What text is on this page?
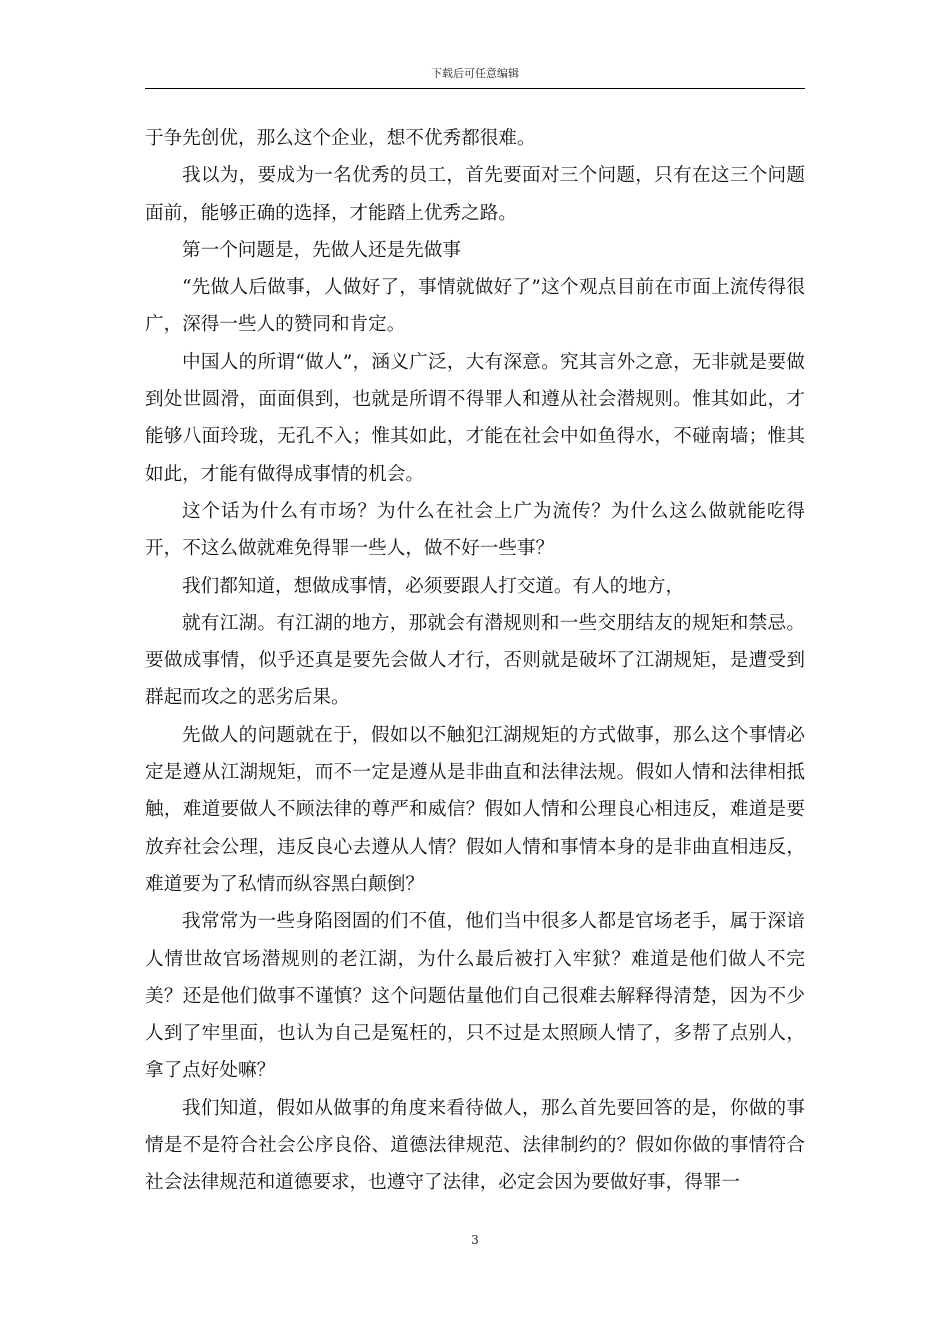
下载后可任意编辑

于争先创优，那么这个企业，想不优秀都很难。

我以为，要成为一名优秀的员工，首先要面对三个问题，只有在这三个问题面前，能够正确的选择，才能踏上优秀之路。

第一个问题是，先做人还是先做事

“先做人后做事，人做好了，事情就做好了”这个观点目前在市面上流传得很广，深得一些人的赞同和肯定。

中国人的所谓“做人”，涵义广泛，大有深意。究其言外之意，无非就是要做到处世圆滑，面面俱到，也就是所谓不得罪人和遵从社会潜规则。惟其如此，才能够八面玲珑，无孔不入；惟其如此，才能在社会中如鱼得水，不碰南墙；惟其如此，才能有做得成事情的机会。

这个话为什么有市场？为什么在社会上广为流传？为什么这么做就能吃得开，不这么做就难免得罪一些人，做不好一些事？

我们都知道，想做成事情，必须要跟人打交道。有人的地方，

就有江湖。有江湖的地方，那就会有潜规则和一些交朋结友的规矩和禁忌。要做成事情，似乎还真是要先会做人才行，否则就是破坏了江湖规矩，是遭受到群起而攻之的恶劣后果。

先做人的问题就在于，假如以不触犯江湖规矩的方式做事，那么这个事情必定是遵从江湖规矩，而不一定是遵从是非曲直和法律法规。假如人情和法律相抵触，难道要做人不顾法律的尊严和威信？假如人情和公理良心相违反，难道是要放弃社会公理，违反良心去遵从人情？假如人情和事情本身的是非曲直相违反，难道要为了私情而纵容黑白颠倒？

我常常为一些身陷囹圄的们不值，他们当中很多人都是官场老手，属于深谙人情世故官场潜规则的老江湖，为什么最后被打入牢狱？难道是他们做人不完美？还是他们做事不谨慎？这个问题估量他们自己很难去解释得清楚，因为不少人到了牢里面，也认为自己是冤枉的，只不过是太照顾人情了，多帮了点别人，拿了点好处嘛？

我们知道，假如从做事的角度来看待做人，那么首先要回答的是，你做的事情是不是符合社会公序良俗、道德法律规范、法律制约的？假如你做的事情符合社会法律规范和道德要求，也遵守了法律，必定会因为要做好事，得罪一

3
